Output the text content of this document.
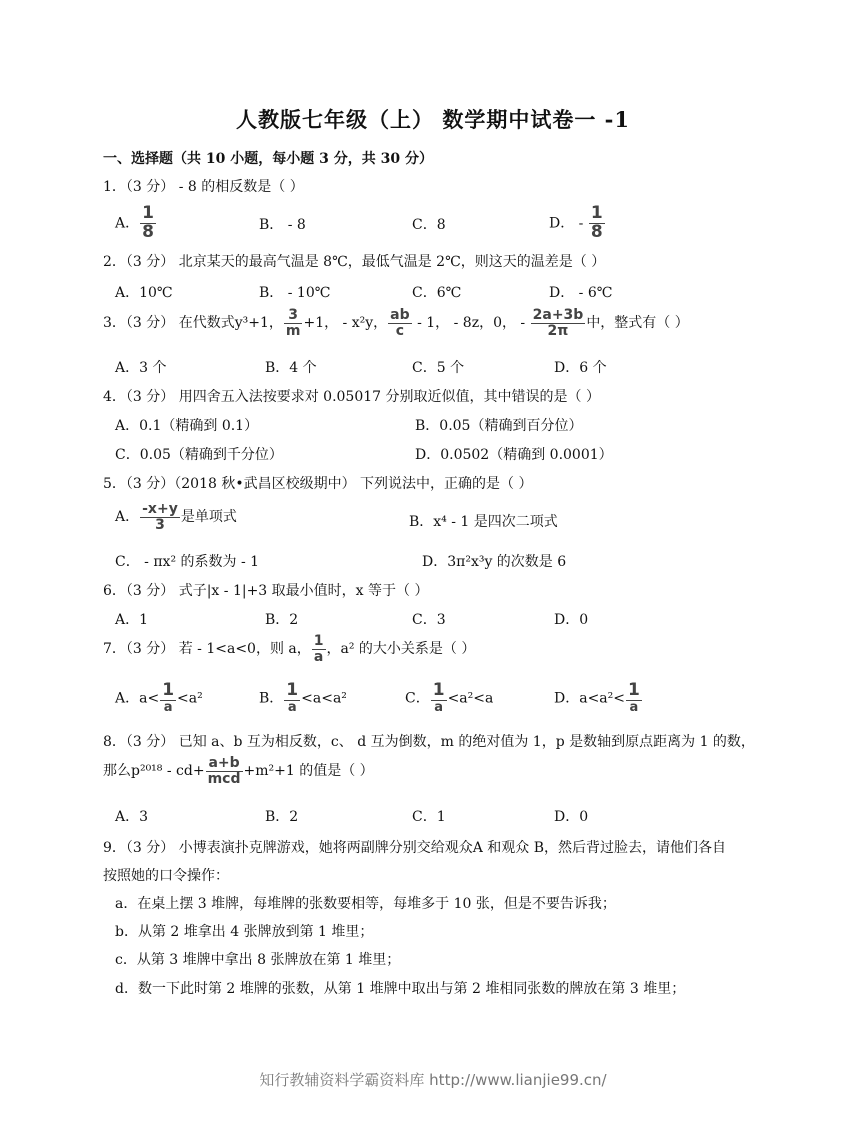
人教版七年级（上） 数学期中试卷一 -1
一、选择题（共 10 小题，每小题 3 分，共 30 分）
1．（3 分） - 8 的相反数是（ ）
A． $\frac{1}{8}$	B． - 8	C．8	D． - $\frac{1}{8}$
2．（3 分） 北京某天的最高气温是 8℃，最低气温是 2℃，则这天的温差是（ ）
A．10℃	B． - 10℃	C．6℃	D． - 6℃
3．（3 分） 在代数式y³+1， $\frac{3}{m} +1$， - x²y， $\frac{ab}{c} - 1$， - 8z，0， - $\frac{2a+3b}{2\pi}$ 中，整式有（ ）
A．3 个	B．4 个	C．5 个	D．6 个
4．（3 分） 用四舍五入法按要求对 0.05017 分别取近似值，其中错误的是（ ）
A．0.1（精确到 0.1）	B．0.05（精确到百分位）
C．0.05（精确到千分位）	D．0.0502（精确到 0.0001）
5．（3 分）（2018 秋•武昌区校级期中） 下列说法中，正确的是（ ）
A． $\frac{-x+y}{3}$ 是单项式	B．x⁴ - 1 是四次二项式
C． - πx² 的系数为 - 1	D．3π²x³y 的次数是 6
6．（3 分） 式子|x - 1|+3 取最小值时，x 等于（ ）
A．1	B．2	C．3	D．0
7．（3 分） 若 - 1<a<0，则 a， $\frac{1}{a}$ ，a² 的大小关系是（ ）
A．$a< \frac{1}{a} <a^2$	B． $\frac{1}{a} <a<a^2$	C． $\frac{1}{a} <a^2<a$	D．$a<a^2< \frac{1}{a}$
8．（3 分） 已知 a、b 互为相反数，c、 d 互为倒数，m 的绝对值为 1，p 是数轴到原点距离为 1 的数，
那么$p^{2018} - cd+ \frac{a+b}{\text{mcd}} +m^2+1$ 的值是（ ）
A．3	B．2	C．1	D．0
9．（3 分） 小博表演扑克牌游戏，她将两副牌分别交给观众A 和观众 B，然后背过脸去，请他们各自
按照她的口令操作：
a．在桌上摆 3 堆牌，每堆牌的张数要相等，每堆多于 10 张，但是不要告诉我；
b．从第 2 堆拿出 4 张牌放到第 1 堆里；
c．从第 3 堆牌中拿出 8 张牌放在第 1 堆里；
d．数一下此时第 2 堆牌的张数，从第 1 堆牌中取出与第 2 堆相同张数的牌放在第 3 堆里；
知行教辅资料学霸资料库 http://www.lianjie99.cn/
